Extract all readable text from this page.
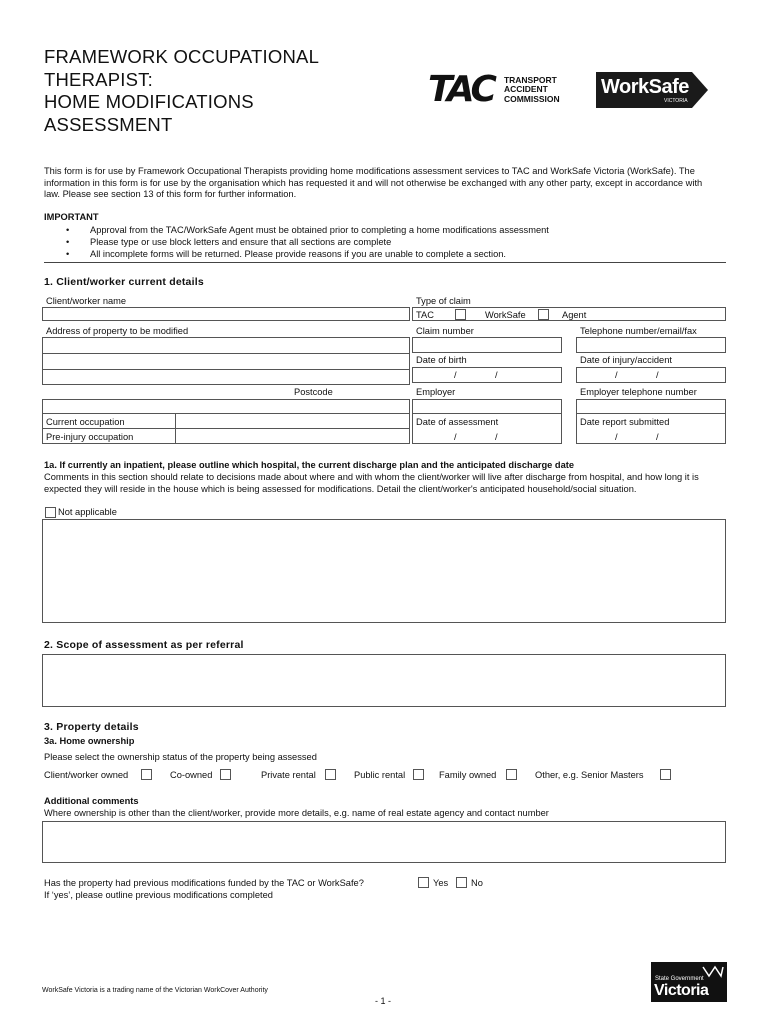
FRAMEWORK OCCUPATIONAL
THERAPIST:
HOME MODIFICATIONS
ASSESSMENT
TAC TRANSPORT
ACCIDENT
COMMISSION
WorkSafe
VICTORIA
This form is for use by Framework Occupational Therapists providing home modifications assessment services to TAC and WorkSafe Victoria (WorkSafe). The information in this form is for use by the organisation which has requested it and will not otherwise be exchanged with any other party, except in accordance with law. Please see section 13 of this form for further information.
IMPORTANT
• Approval from the TAC/WorkSafe Agent must be obtained prior to completing a home modifications assessment
• Please type or use block letters and ensure that all sections are complete
• All incomplete forms will be returned. Please provide reasons if you are unable to complete a section.
1. Client/worker current details
Client/worker name
Address of property to be modified
Postcode
Current occupation
Pre-injury occupation
Type of claim
TAC	WorkSafe	Agent
Claim number	Telephone number/email/fax
Date of birth
/	/
Date of injury/accident
/	/
Employer	Employer telephone number
Date of assessment
/	/
Date report submitted
/	/
1a. If currently an inpatient, please outline which hospital, the current discharge plan and the anticipated discharge date
Comments in this section should relate to decisions made about where and with whom the client/worker will live after discharge from hospital, and how long it is expected they will reside in the house which is being assessed for modifications. Detail the client/worker's anticipated household/social situation.
Not applicable
2. Scope of assessment as per referral
3. Property details
3a. Home ownership
Please select the ownership status of the property being assessed
Client/worker owned	Co-owned	Private rental	Public rental	Family owned	Other, e.g. Senior Masters
Additional comments
Where ownership is other than the client/worker, provide more details, e.g. name of real estate agency and contact number
Has the property had previous modifications funded by the TAC or WorkSafe?	Yes No
If ‘yes’, please outline previous modifications completed
WorkSafe Victoria is a trading name of the Victorian WorkCover Authority
- 1 -
State Government
Victoria
